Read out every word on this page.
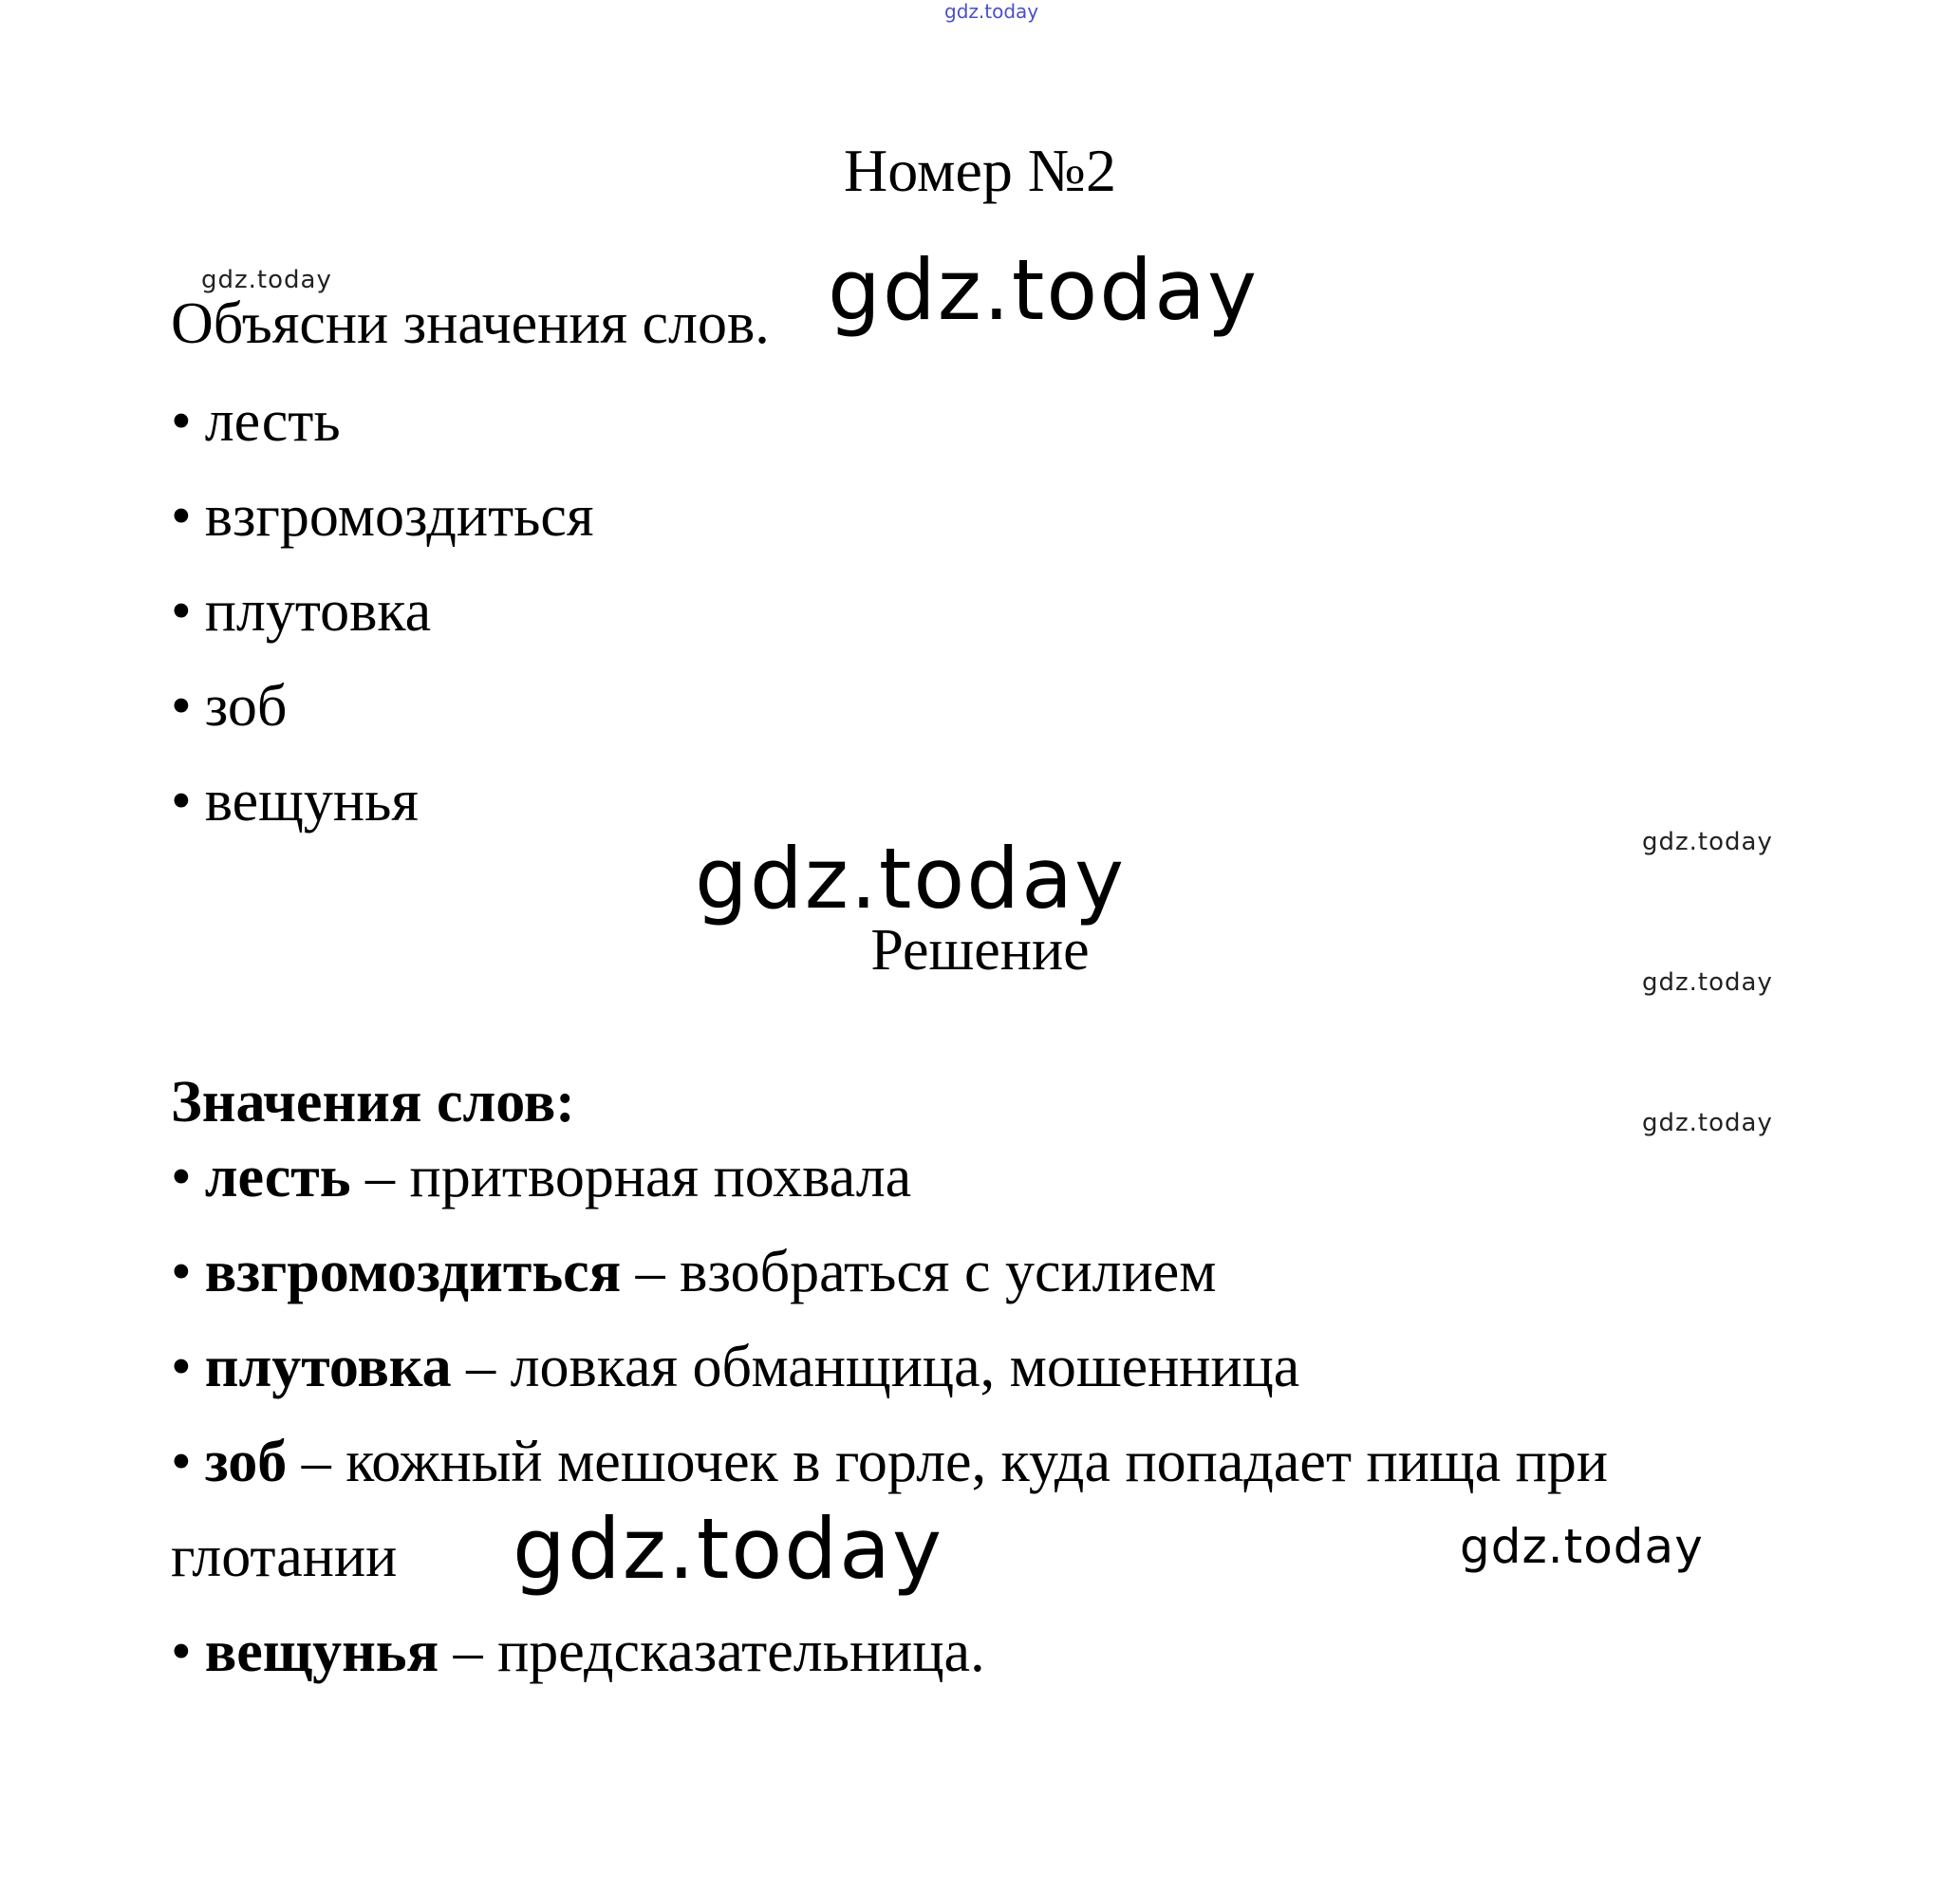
gdz.today
Номер №2
gdz.today	gdz.today
Объясни значения слов.
• лесть
• взгромоздиться
• плутовка
• зоб
• вещунья
gdz.today
gdz.today
Решение	gdz.today
gdz.today
Значения слов:
• лесть – притворная похвала
• взгромоздиться – взобраться с усилием
• плутовка – ловкая обманщица, мошенница
• зоб – кожный мешочек в горле, куда попадает пища при глотании
• вещунья – предсказательница.
gdz.today	gdz.today
